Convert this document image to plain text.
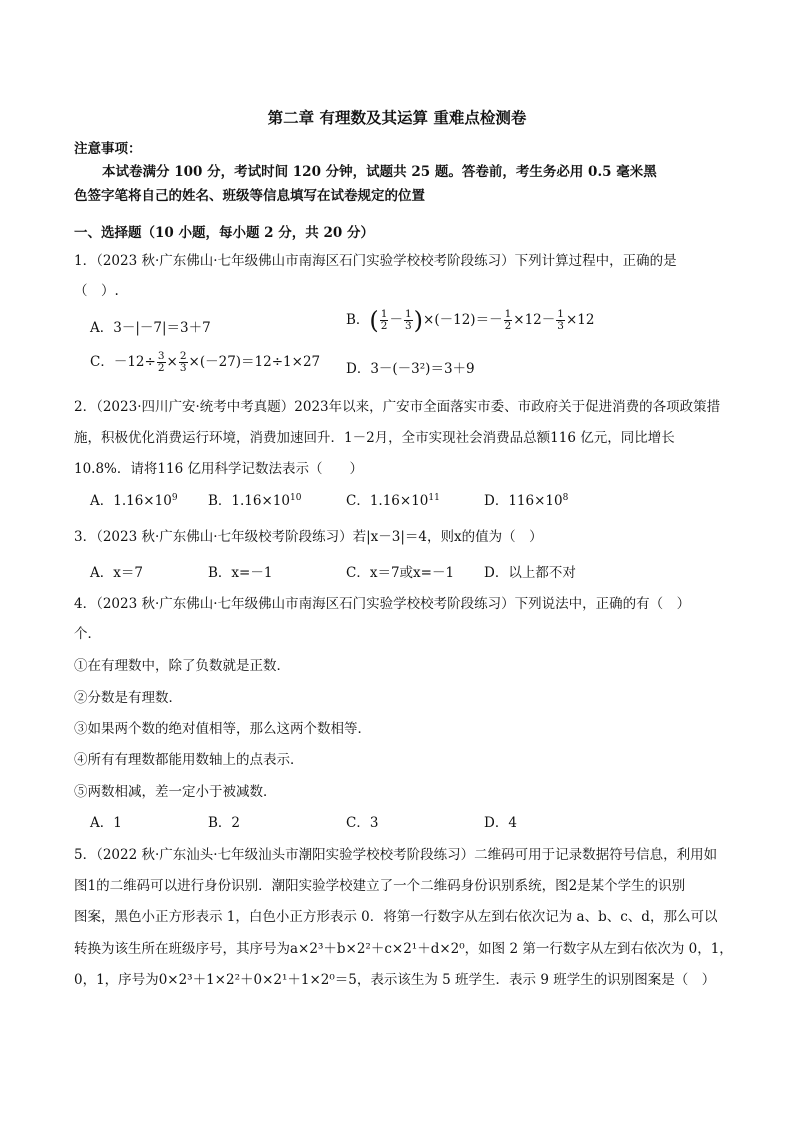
第二章 有理数及其运算 重难点检测卷
注意事项：
本试卷满分 100 分，考试时间 120 分钟，试题共 25 题。答卷前，考生务必用 0.5 毫米黑
色签字笔将自己的姓名、班级等信息填写在试卷规定的位置
一、选择题（10 小题，每小题 2 分，共 20 分）
1．（2023 秋·广东佛山·七年级佛山市南海区石门实验学校校考阶段练习）下列计算过程中，正确的是
（　）.
A．3－|－7|＝3＋7	B．( $\frac{1}{2} - \frac{1}{3} )\times(-12)=- \frac{1}{2} \times 12- \frac{1}{3} \times 12$
C．$-12\div \frac{3}{2} \times \frac{2}{3} \times(-27)=12\div 1\times 27$ D．3－(－3²)＝3＋9
2．（2023·四川广安·统考中考真题）2023年以来，广安市全面落实市委、市政府关于促进消费的各项政策措
施，积极优化消费运行环境，消费加速回升．1－2月，全市实现社会消费品总额116 亿元，同比增长
10.8%．请将116 亿用科学记数法表示（　　）
A．$1.16\times 10^9$ B．$1.16\times 10^{10}$	C．$1.16\times 10^{11}$	D．$116\times 10^8$
3．（2023 秋·广东佛山·七年级校考阶段练习）若|x－3|＝4，则x的值为（　）
A．x＝7	B．x=－1	C．x＝7或x=－1 D．以上都不对
4．（2023 秋·广东佛山·七年级佛山市南海区石门实验学校校考阶段练习）下列说法中，正确的有（　）
个．
①在有理数中，除了负数就是正数．
②分数是有理数．
③如果两个数的绝对值相等，那么这两个数相等．
④所有有理数都能用数轴上的点表示．
⑤两数相减，差一定小于被减数．
A．1	B．2	C．3	D．4
5．（2022 秋·广东汕头·七年级汕头市潮阳实验学校校考阶段练习）二维码可用于记录数据符号信息，利用如
图1的二维码可以进行身份识别．潮阳实验学校建立了一个二维码身份识别系统，图2是某个学生的识别
图案，黑色小正方形表示 1，白色小正方形表示 0．将第一行数字从左到右依次记为 a、b、c、d，那么可以
转换为该生所在班级序号，其序号为a×2³＋b×2²＋c×2¹＋d×2⁰，如图 2 第一行数字从左到右依次为 0，1，
0，1，序号为0×2³＋1×2²＋0×2¹＋1×2⁰＝5，表示该生为 5 班学生．表示 9 班学生的识别图案是（　）
